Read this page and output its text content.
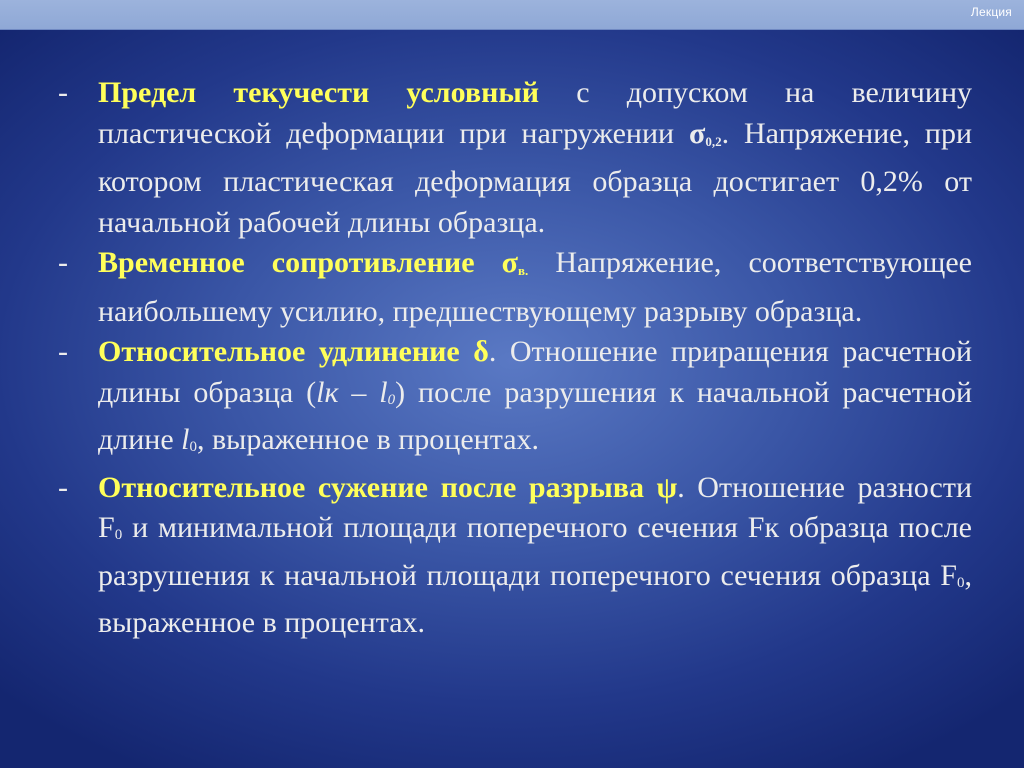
Лекция
- Предел текучести условный с допуском на величину пластической деформации при нагружении σ0,2. Напряжение, при котором пластическая деформация образца достигает 0,2% от начальной рабочей длины образца.
- Временное сопротивление σв. Напряжение, соответствующее наибольшему усилию, предшествующему разрыву образца.
- Относительное удлинение δ. Отношение приращения расчетной длины образца (lк – l0) после разрушения к начальной расчетной длине l0, выраженное в процентах.
- Относительное сужение после разрыва ψ. Отношение разности F0 и минимальной площади поперечного сечения Fк образца после разрушения к начальной площади поперечного сечения образца F0, выраженное в процентах.
